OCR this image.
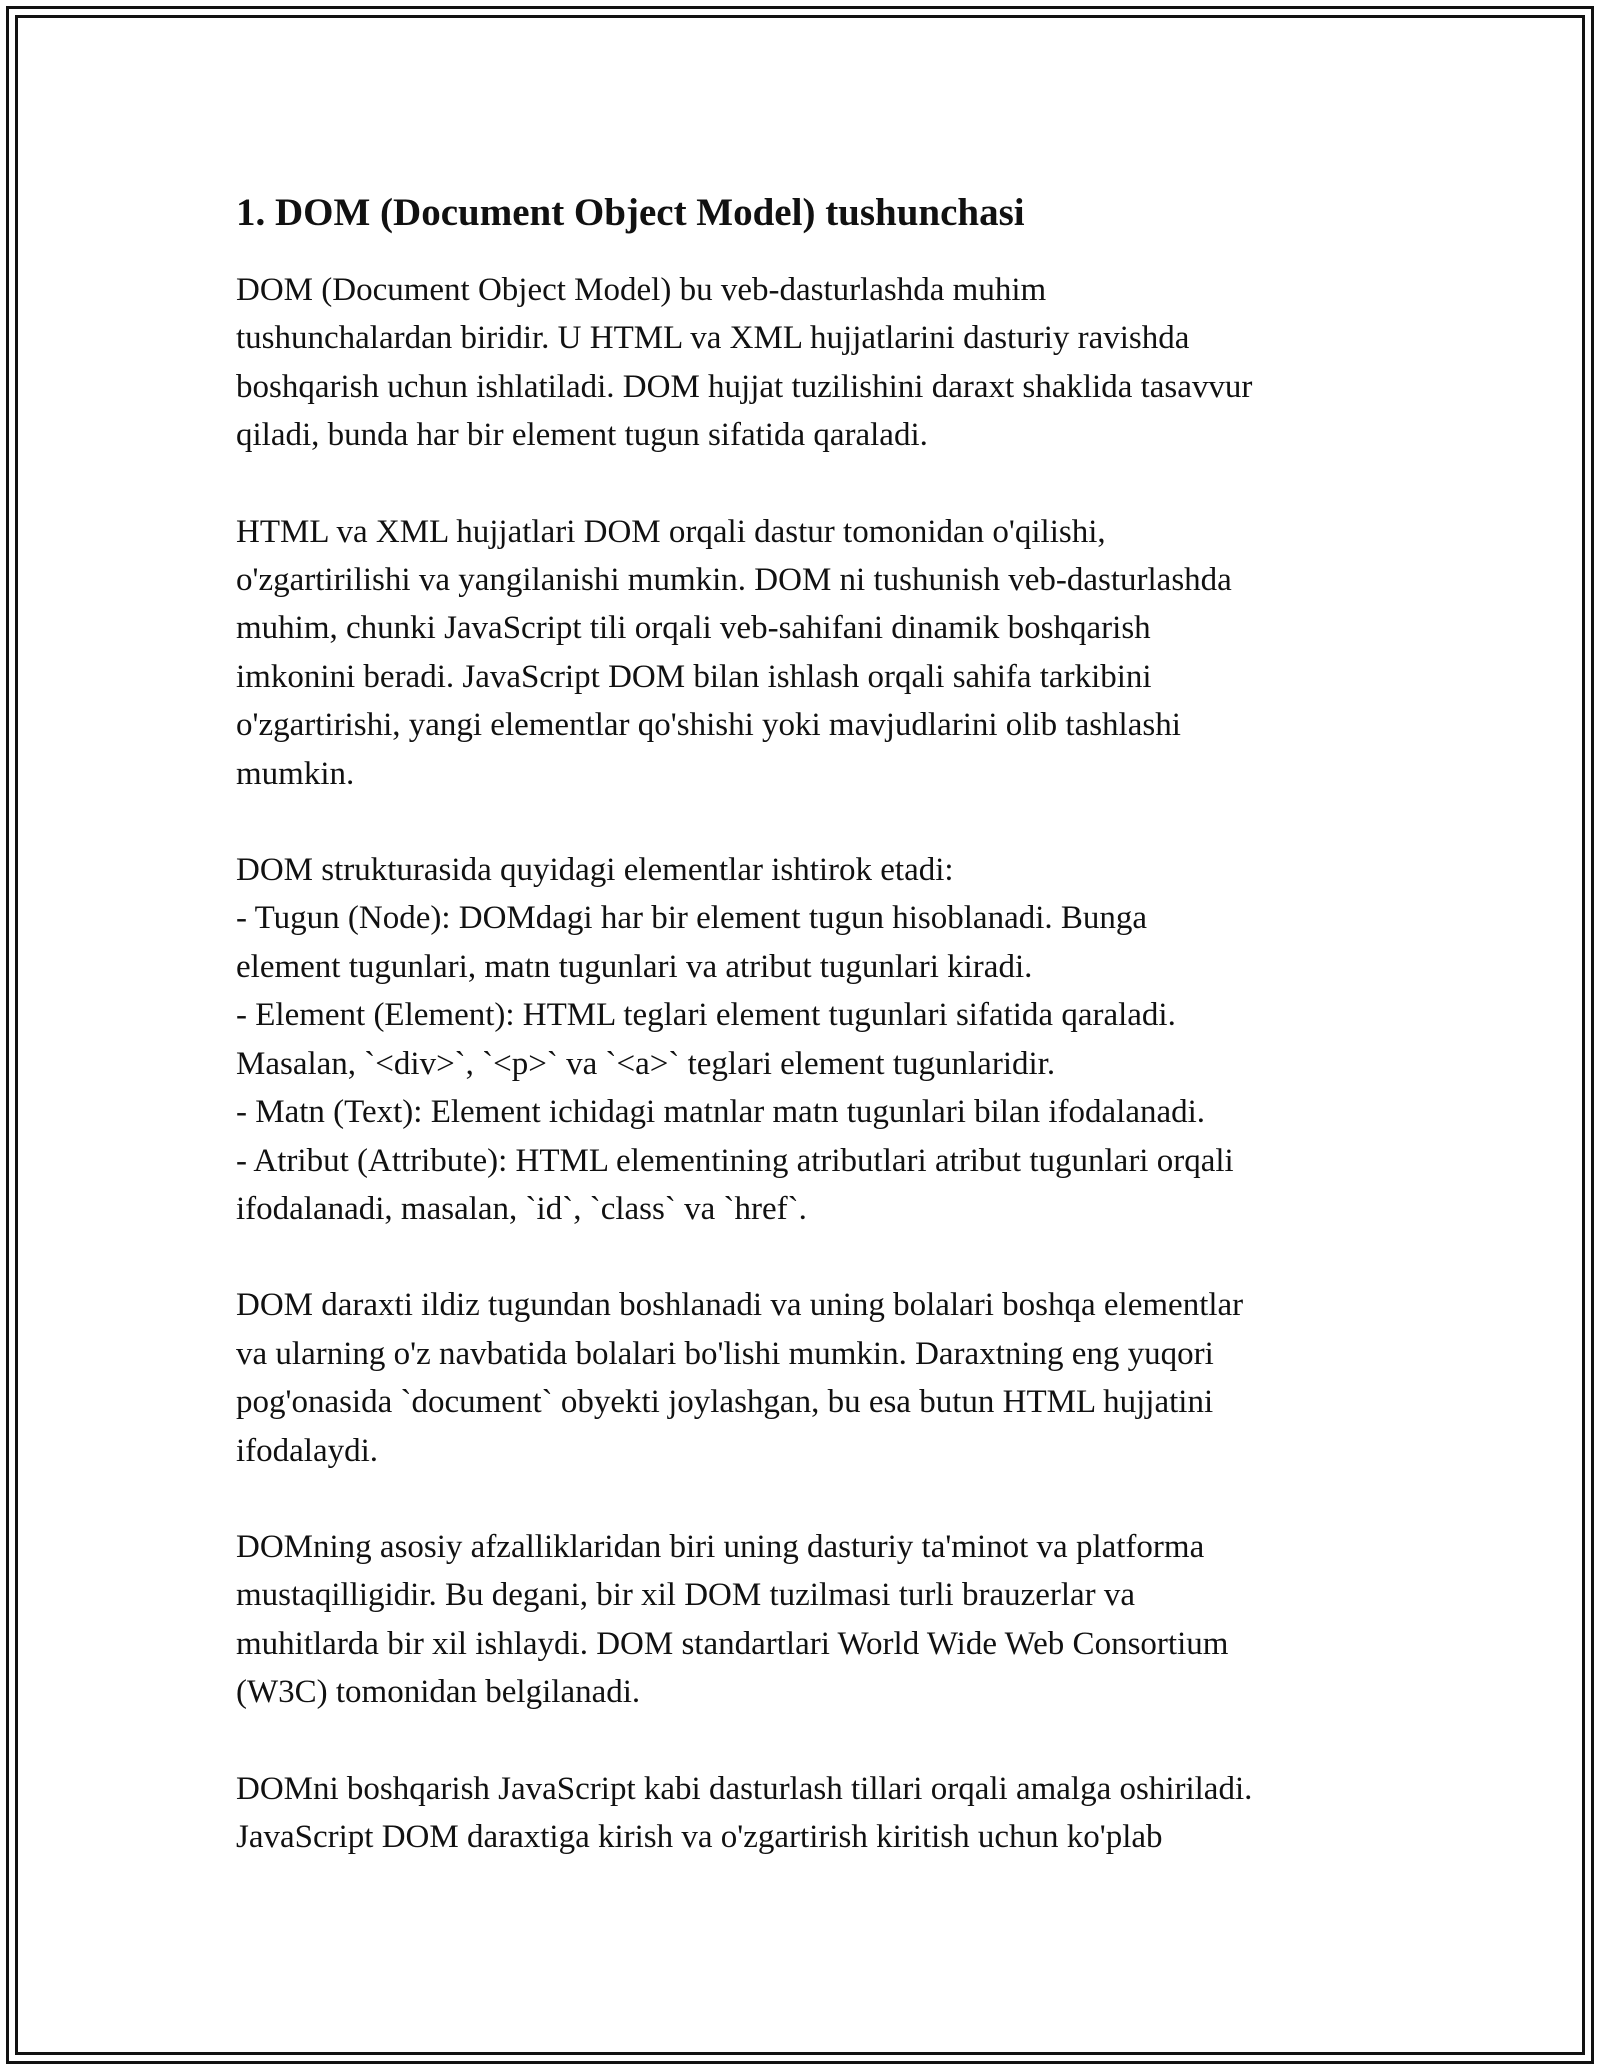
1. DOM (Document Object Model) tushunchasi

DOM (Document Object Model) bu veb-dasturlashda muhim
tushunchalardan biridir. U HTML va XML hujjatlarini dasturiy ravishda
boshqarish uchun ishlatiladi. DOM hujjat tuzilishini daraxt shaklida tasavvur
qiladi, bunda har bir element tugun sifatida qaraladi.

HTML va XML hujjatlari DOM orqali dastur tomonidan o'qilishi,
o'zgartirilishi va yangilanishi mumkin. DOM ni tushunish veb-dasturlashda
muhim, chunki JavaScript tili orqali veb-sahifani dinamik boshqarish
imkonini beradi. JavaScript DOM bilan ishlash orqali sahifa tarkibini
o'zgartirishi, yangi elementlar qo'shishi yoki mavjudlarini olib tashlashi
mumkin.

DOM strukturasida quyidagi elementlar ishtirok etadi:
- Tugun (Node): DOMdagi har bir element tugun hisoblanadi. Bunga
element tugunlari, matn tugunlari va atribut tugunlari kiradi.
- Element (Element): HTML teglari element tugunlari sifatida qaraladi.
Masalan, `<div>`, `<p>` va `<a>` teglari element tugunlaridir.
- Matn (Text): Element ichidagi matnlar matn tugunlari bilan ifodalanadi.
- Atribut (Attribute): HTML elementining atributlari atribut tugunlari orqali
ifodalanadi, masalan, `id`, `class` va `href`.

DOM daraxti ildiz tugundan boshlanadi va uning bolalari boshqa elementlar
va ularning o'z navbatida bolalari bo'lishi mumkin. Daraxtning eng yuqori
pog'onasida `document` obyekti joylashgan, bu esa butun HTML hujjatini
ifodalaydi.

DOMning asosiy afzalliklaridan biri uning dasturiy ta'minot va platforma
mustaqilligidir. Bu degani, bir xil DOM tuzilmasi turli brauzerlar va
muhitlarda bir xil ishlaydi. DOM standartlari World Wide Web Consortium
(W3C) tomonidan belgilanadi.

DOMni boshqarish JavaScript kabi dasturlash tillari orqali amalga oshiriladi.
JavaScript DOM daraxtiga kirish va o'zgartirish kiritish uchun ko'plab
